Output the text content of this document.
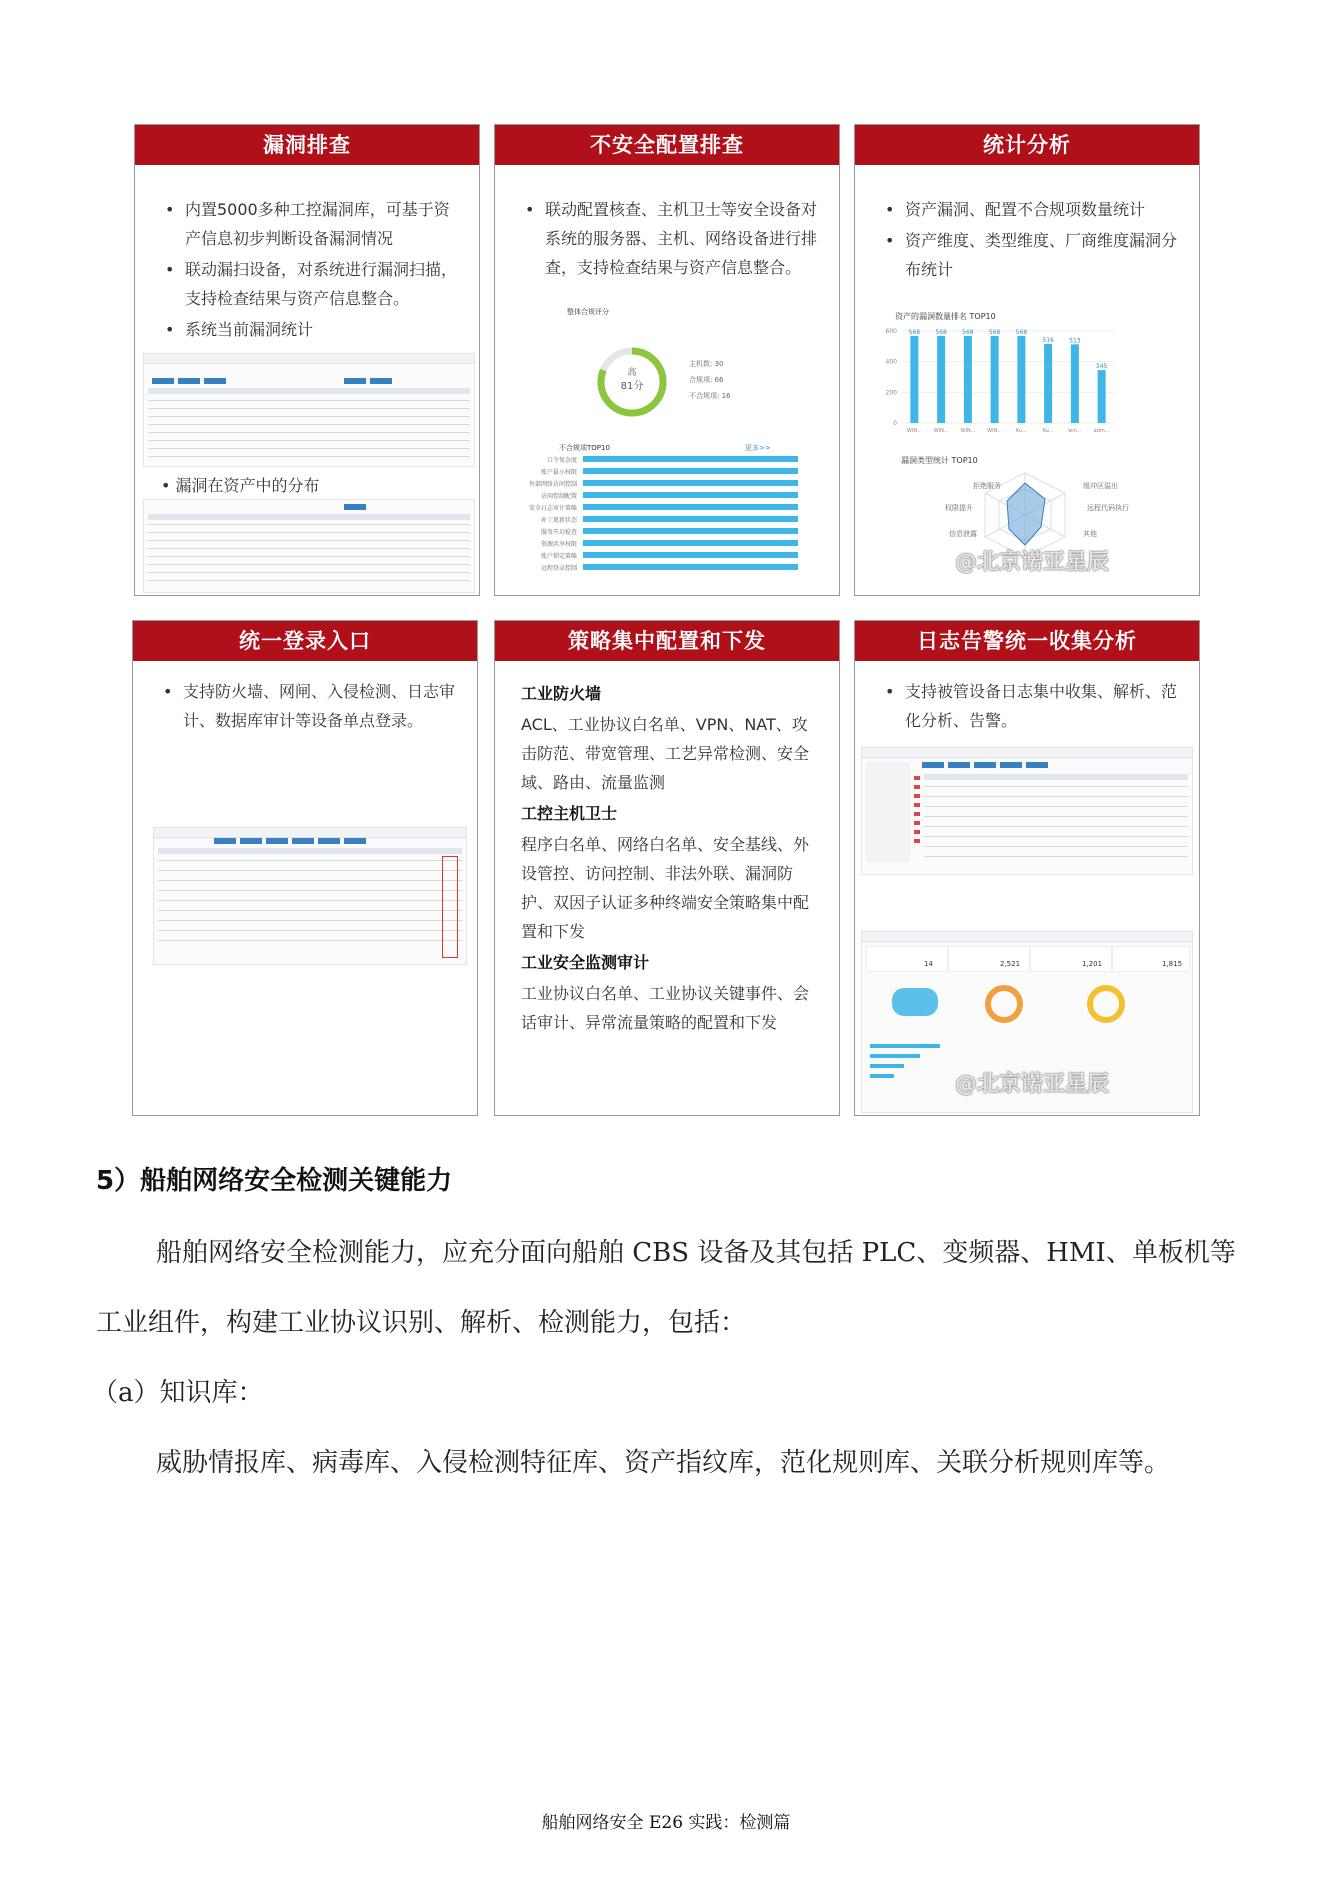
漏洞排查
• 内置5000多种工控漏洞库，可基于资产信息初步判断设备漏洞情况
• 联动漏扫设备，对系统进行漏洞扫描，支持检查结果与资产信息整合。
• 系统当前漏洞统计
• 漏洞在资产中的分布
不安全配置排查
• 联动配置核查、主机卫士等安全设备对系统的服务器、主机、网络设备进行排查，支持检查结果与资产信息整合。
整体合规评分
高
81分
主机数: 30
合规项: 66
不合规项: 16
不合规项TOP10	更多>>
口令复杂度
账户最小权限
外部网络访问控制
访问控制配置
安全日志审计策略
补丁更新状态
服务开启检查
资源共享权限
账户锁定策略
远程登录控制
统计分析
• 资产漏洞、配置不合规项数量统计
• 资产维度、类型维度、厂商维度漏洞分布统计
资产的漏洞数量排名 TOP10
600
400
200
0
568
WIN...
568
WIN...
568
WIN...
568
WIN...
568
Ku...
516
Ku...
513
win...
345
adm...
漏洞类型统计 TOP10
拒绝服务	缓冲区溢出
权限提升	远程代码执行
信息泄露	其他
@北京诺亚星辰
统一登录入口
• 支持防火墙、网闸、入侵检测、日志审计、数据库审计等设备单点登录。
策略集中配置和下发

工业防火墙

ACL、工业协议白名单、VPN、NAT、攻击防范、带宽管理、工艺异常检测、安全域、路由、流量监测

工控主机卫士

程序白名单、网络白名单、安全基线、外设管控、访问控制、非法外联、漏洞防护、双因子认证多种终端安全策略集中配置和下发

工业安全监测审计

工业协议白名单、工业协议关键事件、会话审计、异常流量策略的配置和下发

日志告警统一收集分析
• 支持被管设备日志集中收集、解析、范化分析、告警。
14	2,521	1,201	1,815
@北京诺亚星辰
5）船舶网络安全检测关键能力
船舶网络安全检测能力，应充分面向船舶 CBS 设备及其包括 PLC、变频器、HMI、单板机等工业组件，构建工业协议识别、解析、检测能力，包括：
（a）知识库：
威胁情报库、病毒库、入侵检测特征库、资产指纹库，范化规则库、关联分析规则库等。
船舶网络安全 E26 实践：检测篇
